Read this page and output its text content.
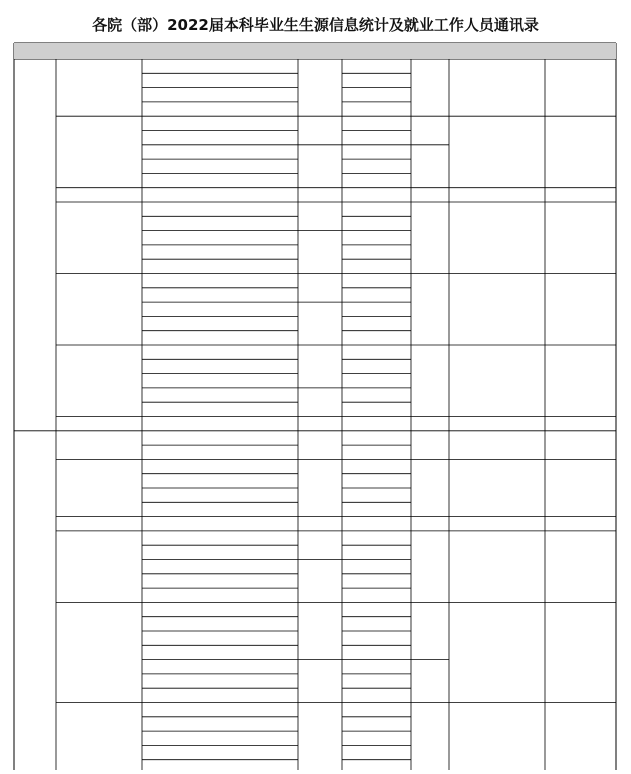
各院（部）2022届本科毕业生生源信息统计及就业工作人员通讯录
